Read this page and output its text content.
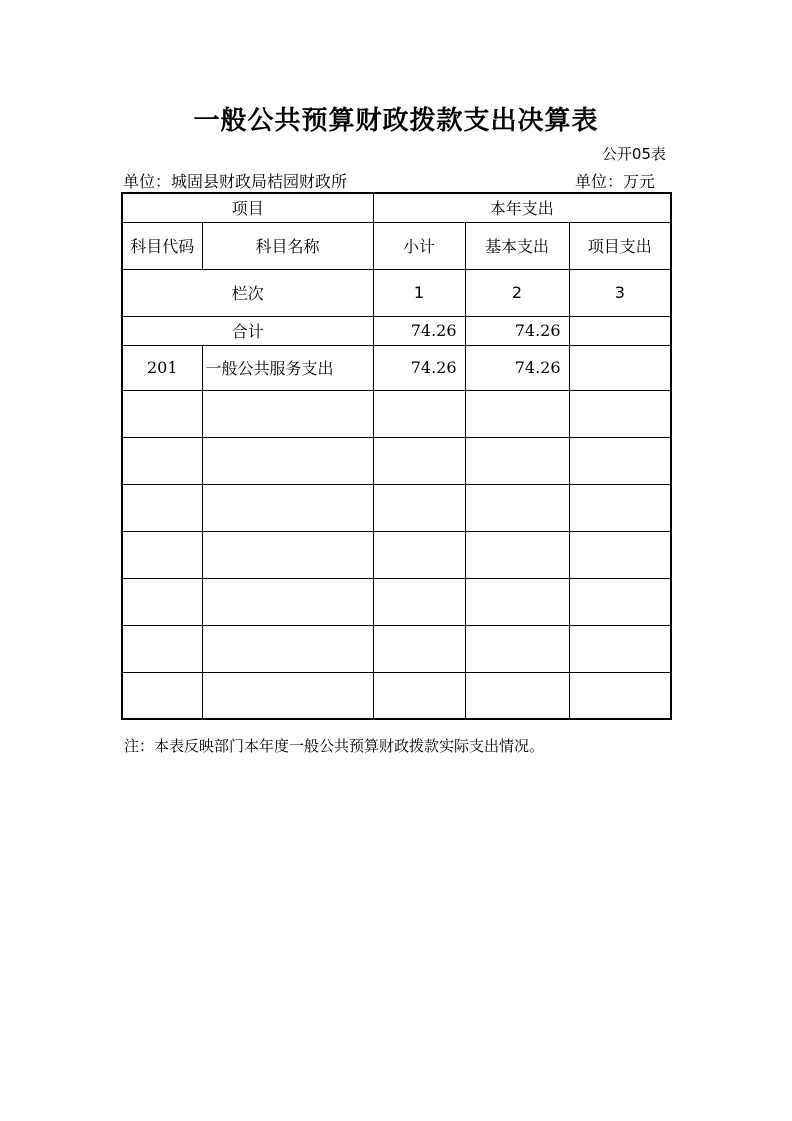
一般公共预算财政拨款支出决算表
公开05表
单位：城固县财政局桔园财政所	单位：万元
项目		本年支出		
科目代码	科目名称	小计	基本支出	项目支出
栏次		1	2	3
合计		74.26	74.26	
201	一般公共服务支出	74.26	74.26	

注：本表反映部门本年度一般公共预算财政拨款实际支出情况。
